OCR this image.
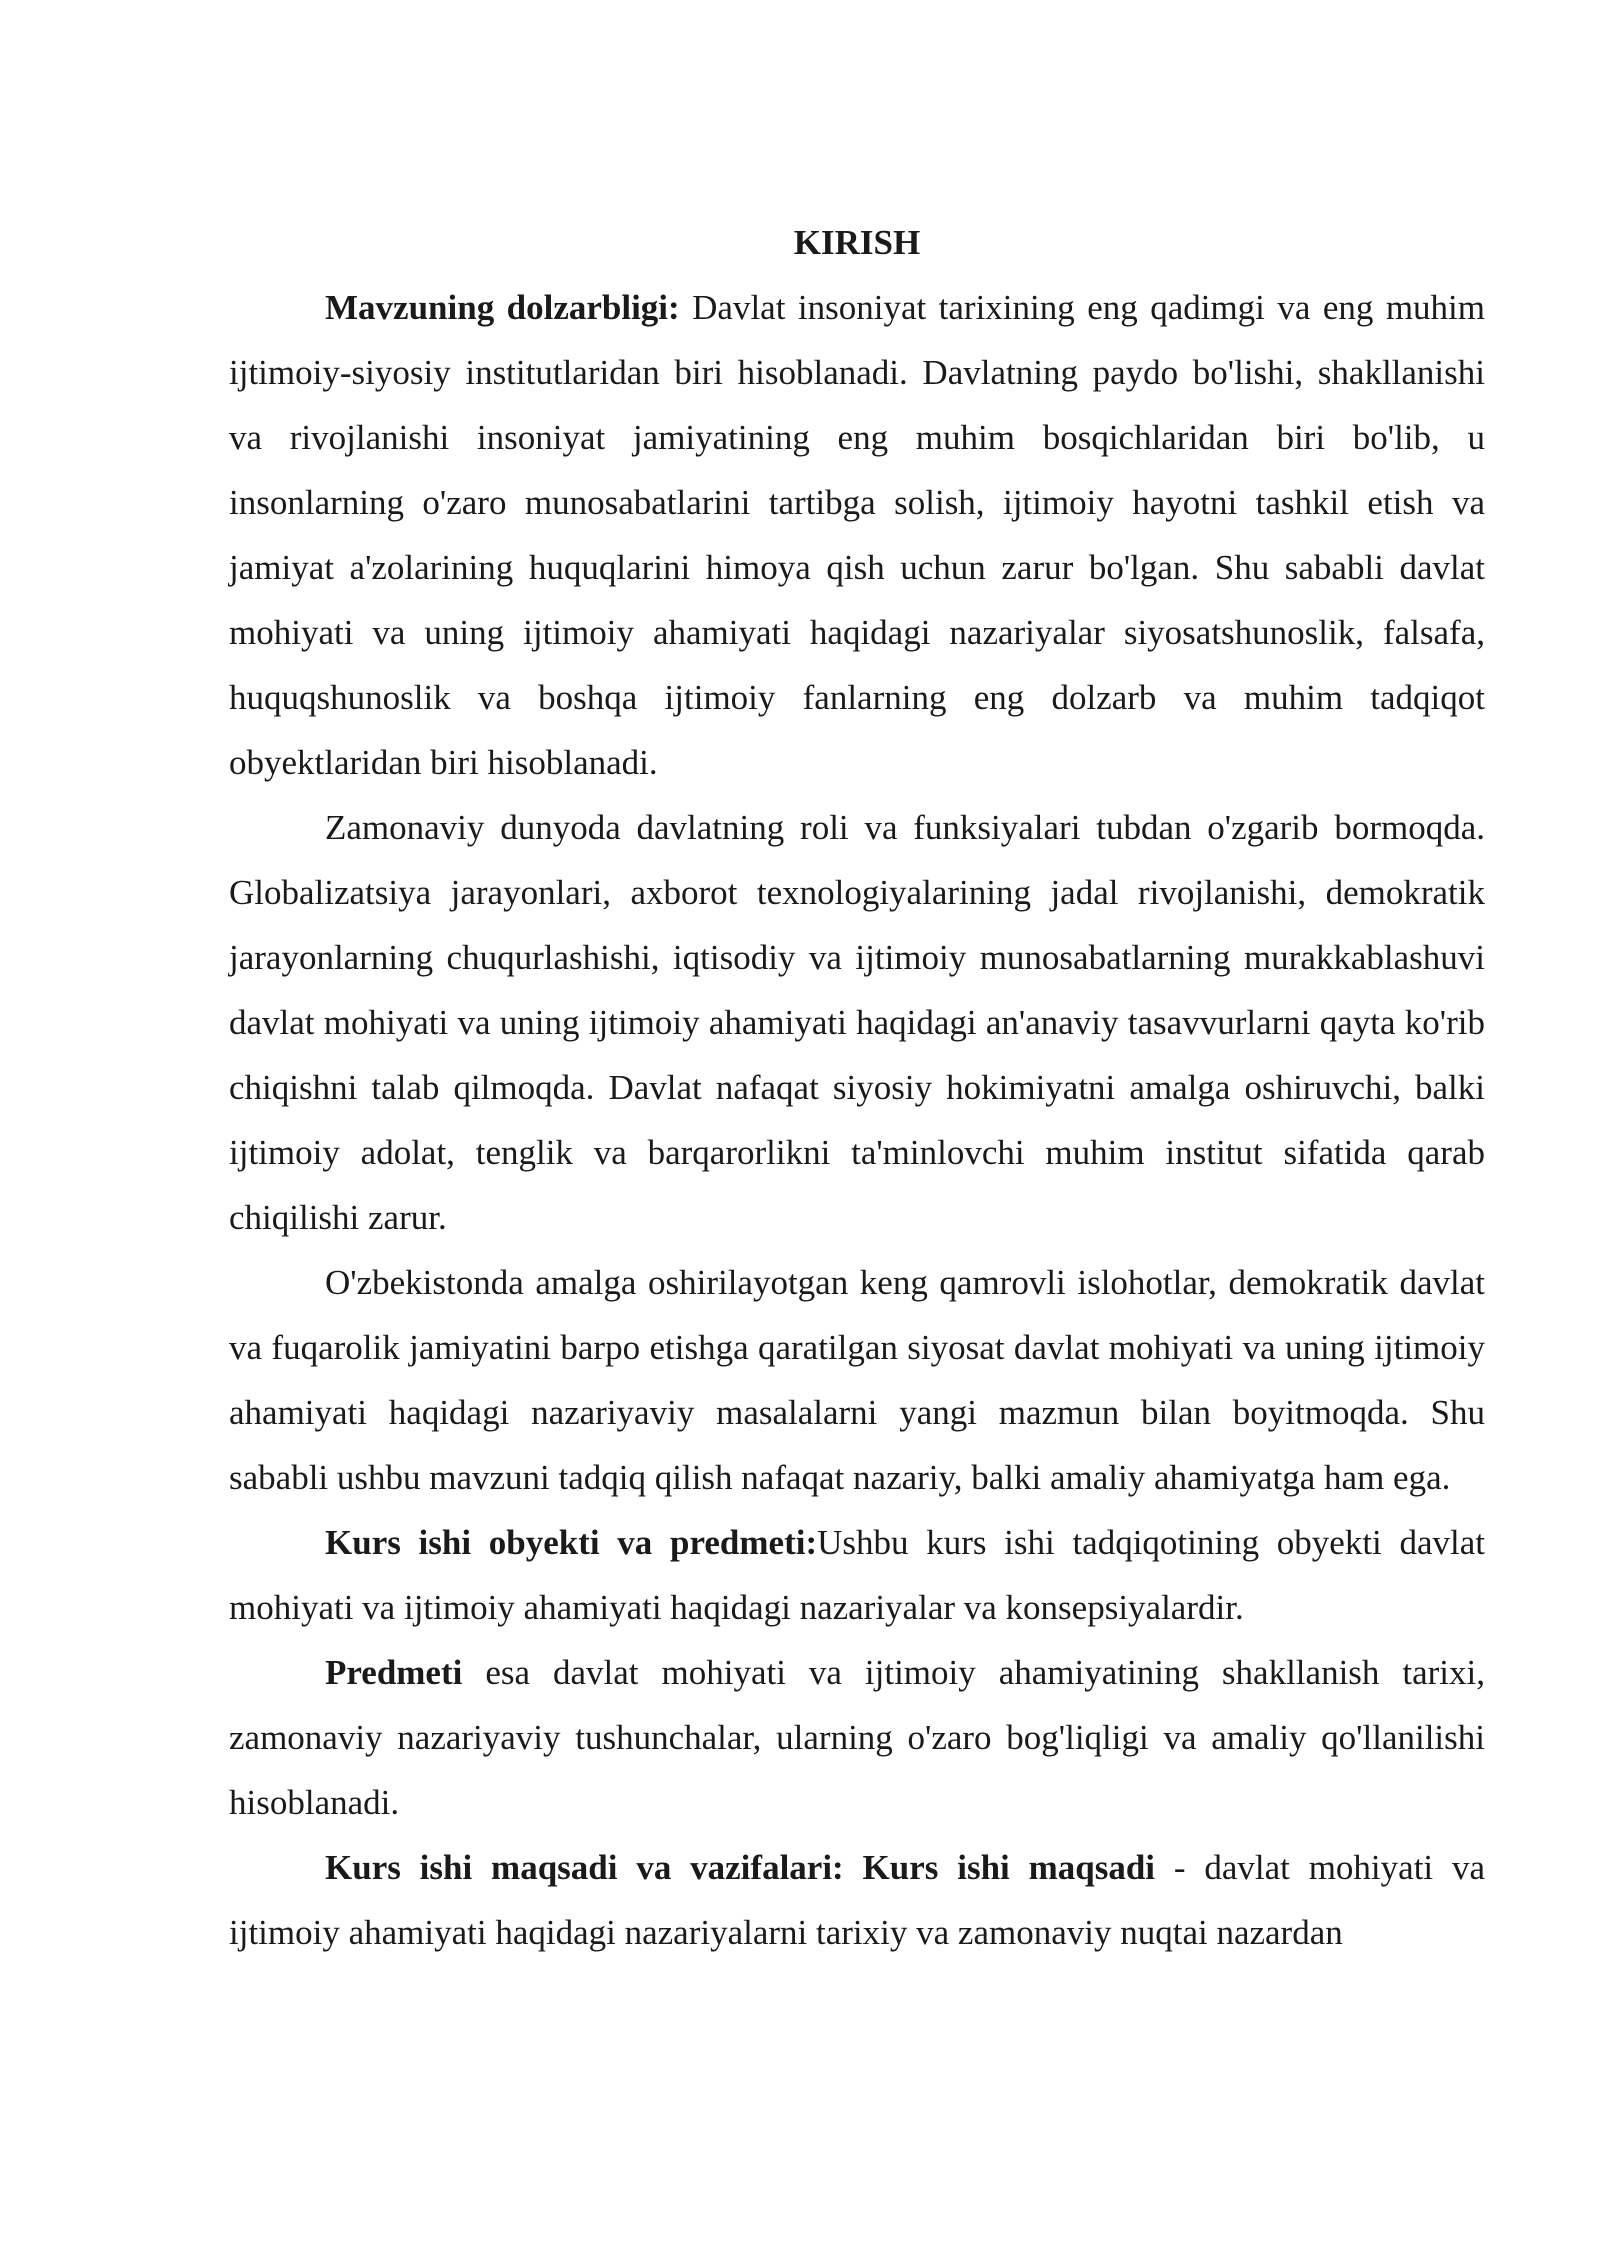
KIRISH

Mavzuning dolzarbligi: Davlat insoniyat tarixining eng qadimgi va eng muhim ijtimoiy-siyosiy institutlaridan biri hisoblanadi. Davlatning paydo bo'lishi, shakllanishi va rivojlanishi insoniyat jamiyatining eng muhim bosqichlaridan biri bo'lib, u insonlarning o'zaro munosabatlarini tartibga solish, ijtimoiy hayotni tashkil etish va jamiyat a'zolarining huquqlarini himoya qish uchun zarur bo'lgan. Shu sababli davlat mohiyati va uning ijtimoiy ahamiyati haqidagi nazariyalar siyosatshunoslik, falsafa, huquqshunoslik va boshqa ijtimoiy fanlarning eng dolzarb va muhim tadqiqot obyektlaridan biri hisoblanadi.

Zamonaviy dunyoda davlatning roli va funksiyalari tubdan o'zgarib bormoqda. Globalizatsiya jarayonlari, axborot texnologiyalarining jadal rivojlanishi, demokratik jarayonlarning chuqurlashishi, iqtisodiy va ijtimoiy munosabatlarning murakkablashuvi davlat mohiyati va uning ijtimoiy ahamiyati haqidagi an'anaviy tasavvurlarni qayta ko'rib chiqishni talab qilmoqda. Davlat nafaqat siyosiy hokimiyatni amalga oshiruvchi, balki ijtimoiy adolat, tenglik va barqarorlikni ta'minlovchi muhim institut sifatida qarab chiqilishi zarur.

O'zbekistonda amalga oshirilayotgan keng qamrovli islohotlar, demokratik davlat va fuqarolik jamiyatini barpo etishga qaratilgan siyosat davlat mohiyati va uning ijtimoiy ahamiyati haqidagi nazariyaviy masalalarni yangi mazmun bilan boyitmoqda. Shu sababli ushbu mavzuni tadqiq qilish nafaqat nazariy, balki amaliy ahamiyatga ham ega.

Kurs ishi obyekti va predmeti:Ushbu kurs ishi tadqiqotining obyekti davlat mohiyati va ijtimoiy ahamiyati haqidagi nazariyalar va konsepsiyalardir.

Predmeti esa davlat mohiyati va ijtimoiy ahamiyatining shakllanish tarixi, zamonaviy nazariyaviy tushunchalar, ularning o'zaro bog'liqligi va amaliy qo'llanilishi hisoblanadi.

Kurs ishi maqsadi va vazifalari: Kurs ishi maqsadi - davlat mohiyati va ijtimoiy ahamiyati haqidagi nazariyalarni tarixiy va zamonaviy nuqtai nazardan
